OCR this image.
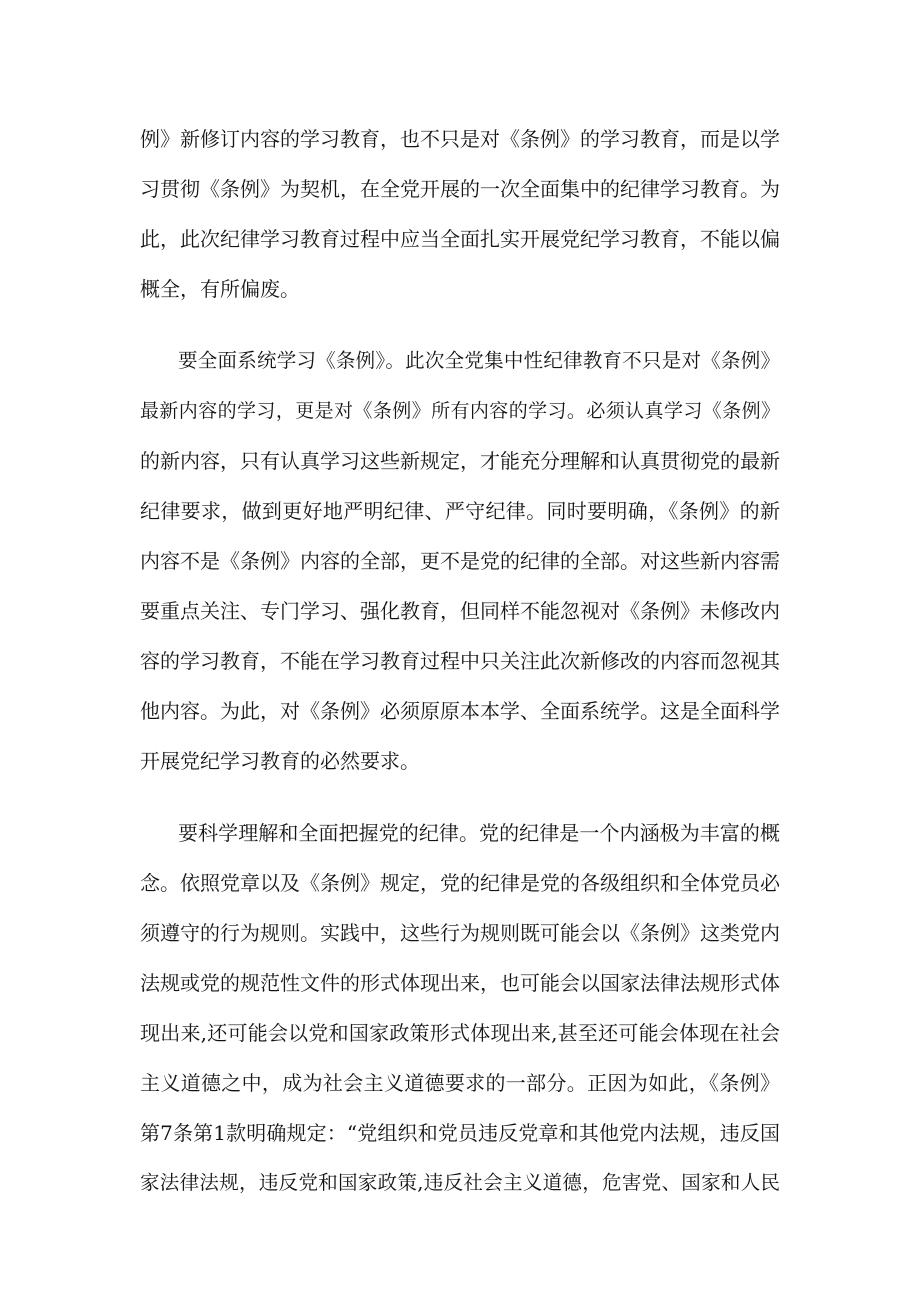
例》新修订内容的学习教育，也不只是对《条例》的学习教育，而是以学
习贯彻《条例》为契机，在全党开展的一次全面集中的纪律学习教育。为
此，此次纪律学习教育过程中应当全面扎实开展党纪学习教育，不能以偏
概全，有所偏废。
要全面系统学习《条例》。此次全党集中性纪律教育不只是对《条例》
最新内容的学习，更是对《条例》所有内容的学习。必须认真学习《条例》
的新内容，只有认真学习这些新规定，才能充分理解和认真贯彻党的最新
纪律要求，做到更好地严明纪律、严守纪律。同时要明确，《条例》的新
内容不是《条例》内容的全部，更不是党的纪律的全部。对这些新内容需
要重点关注、专门学习、强化教育，但同样不能忽视对《条例》未修改内
容的学习教育，不能在学习教育过程中只关注此次新修改的内容而忽视其
他内容。为此，对《条例》必须原原本本学、全面系统学。这是全面科学
开展党纪学习教育的必然要求。
要科学理解和全面把握党的纪律。党的纪律是一个内涵极为丰富的概
念。依照党章以及《条例》规定，党的纪律是党的各级组织和全体党员必
须遵守的行为规则。实践中，这些行为规则既可能会以《条例》这类党内
法规或党的规范性文件的形式体现出来，也可能会以国家法律法规形式体
现出来,还可能会以党和国家政策形式体现出来,甚至还可能会体现在社会
主义道德之中，成为社会主义道德要求的一部分。正因为如此，《条例》
第7条第1款明确规定：“党组织和党员违反党章和其他党内法规，违反国
家法律法规，违反党和国家政策,违反社会主义道德，危害党、国家和人民
